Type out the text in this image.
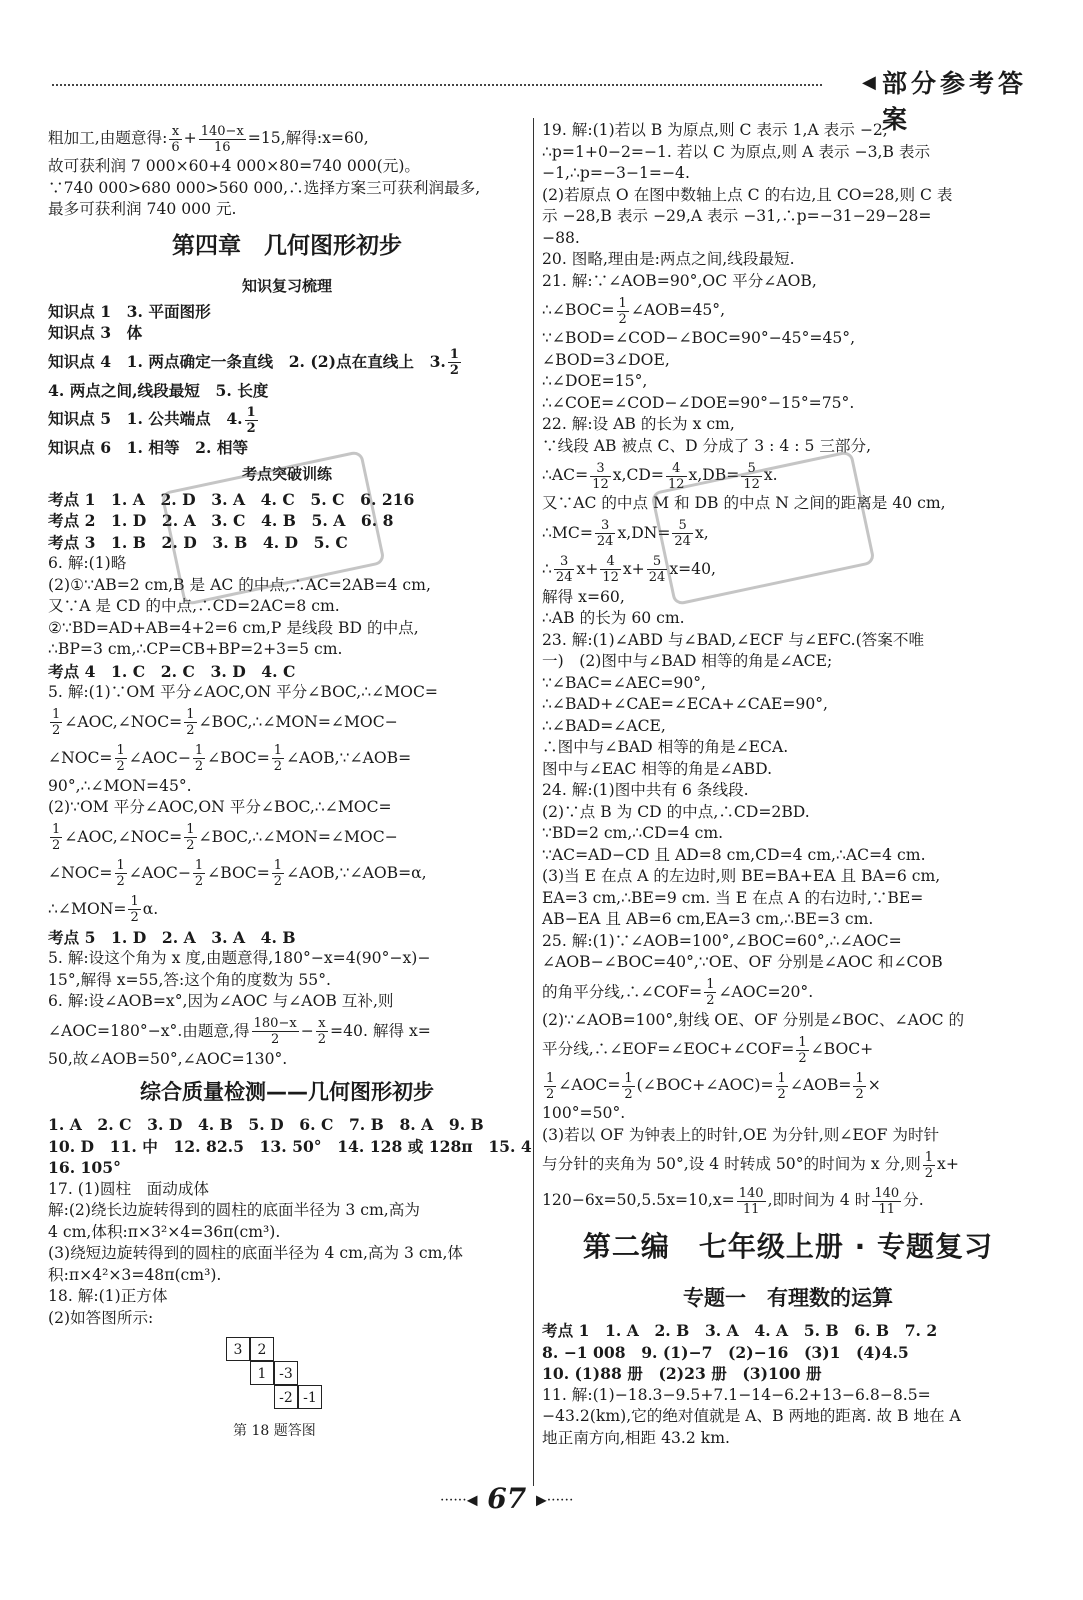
◀ 部分参考答案
粗加工,由题意得: $\frac{x}{6} + \frac{140-x}{16} =15$,解得:x=60,
故可获利润 7 000×60+4 000×80=740 000(元)。
∵740 000>680 000>560 000,∴选择方案三可获利润最多,
最多可获利润 740 000 元.
第四章　几何图形初步
知识复习梳理
知识点 1　3. 平面图形
知识点 3　体
知识点 4　1. 两点确定一条直线　2. (2)点在直线上　3. $\frac{1}{2}$
4. 两点之间,线段最短　5. 长度
知识点 5　1. 公共端点　4. $\frac{1}{2}$
知识点 6　1. 相等　2. 相等
考点突破训练
考点 1　1. A　2. D　3. A　4. C　5. C　6. 216
考点 2　1. D　2. A　3. C　4. B　5. A　6. 8
考点 3　1. B　2. D　3. B　4. D　5. C
6. 解:(1)略
(2)①∵AB=2 cm,B 是 AC 的中点,∴AC=2AB=4 cm,
又∵A 是 CD 的中点,∴CD=2AC=8 cm.
②∵BD=AD+AB=4+2=6 cm,P 是线段 BD 的中点,
∴BP=3 cm,∴CP=CB+BP=2+3=5 cm.
考点 4　1. C　2. C　3. D　4. C
5. 解:(1)∵OM 平分∠AOC,ON 平分∠BOC,∴∠MOC=
$\frac{1}{2}$ ∠AOC,∠NOC= $\frac{1}{2}$ ∠BOC,∴∠MON=∠MOC−
∠NOC= $\frac{1}{2}$ ∠AOC− $\frac{1}{2}$ ∠BOC= $\frac{1}{2}$ ∠AOB,∵∠AOB=
90°,∴∠MON=45°.
(2)∵OM 平分∠AOC,ON 平分∠BOC,∴∠MOC=
$\frac{1}{2}$ ∠AOC,∠NOC= $\frac{1}{2}$ ∠BOC,∴∠MON=∠MOC−
∠NOC= $\frac{1}{2}$ ∠AOC− $\frac{1}{2}$ ∠BOC= $\frac{1}{2}$ ∠AOB,∵∠AOB=α,
∴∠MON= $\frac{1}{2} \alpha$.
考点 5　1. D　2. A　3. A　4. B
5. 解:设这个角为 x 度,由题意得,180°−x=4(90°−x)−
15°,解得 x=55,答:这个角的度数为 55°.
6. 解:设∠AOB=x°,因为∠AOC 与∠AOB 互补,则
∠AOC=180°−x°.由题意,得 $\frac{180-x}{2} - \frac{x}{2} =40$. 解得 x=
50,故∠AOB=50°,∠AOC=130°.
综合质量检测——几何图形初步
1. A　2. C　3. D　4. B　5. D　6. C　7. B　8. A　9. B
10. D　11. 中　12. 82.5　13. 50°　14. 128 或 128π　15. 4
16. 105°
17. (1)圆柱　面动成体
解:(2)绕长边旋转得到的圆柱的底面半径为 3 cm,高为
4 cm,体积:π×3²×4=36π(cm³).
(3)绕短边旋转得到的圆柱的底面半径为 4 cm,高为 3 cm,体
积:π×4²×3=48π(cm³).
18. 解:(1)正方体
(2)如答图所示:
3	2
1 -3
-2 -1
第 18 题答图
19. 解:(1)若以 B 为原点,则 C 表示 1,A 表示 −2,
∴p=1+0−2=−1. 若以 C 为原点,则 A 表示 −3,B 表示
−1,∴p=−3−1=−4.
(2)若原点 O 在图中数轴上点 C 的右边,且 CO=28,则 C 表
示 −28,B 表示 −29,A 表示 −31,∴p=−31−29−28=
−88.
20. 图略,理由是:两点之间,线段最短.
21. 解:∵∠AOB=90°,OC 平分∠AOB,
∴∠BOC= $\frac{1}{2}$ ∠AOB=45°,
∵∠BOD=∠COD−∠BOC=90°−45°=45°,
∠BOD=3∠DOE,
∴∠DOE=15°,
∴∠COE=∠COD−∠DOE=90°−15°=75°.
22. 解:设 AB 的长为 x cm,
∵线段 AB 被点 C、D 分成了 3 : 4 : 5 三部分,
∴AC= $\frac{3}{12} x,CD= \frac{4}{12} x,DB= \frac{5}{12} x$.
又∵AC 的中点 M 和 DB 的中点 N 之间的距离是 40 cm,
∴MC= $\frac{3}{24} x,DN= \frac{5}{24} x$,
∴ $\frac{3}{24} x+ \frac{4}{12} x+ \frac{5}{24} x=40$,
解得 x=60,
∴AB 的长为 60 cm.
23. 解:(1)∠ABD 与∠BAD,∠ECF 与∠EFC.(答案不唯
一)　(2)图中与∠BAD 相等的角是∠ACE;
∵∠BAC=∠AEC=90°,
∴∠BAD+∠CAE=∠ECA+∠CAE=90°,
∴∠BAD=∠ACE,
∴图中与∠BAD 相等的角是∠ECA.
图中与∠EAC 相等的角是∠ABD.
24. 解:(1)图中共有 6 条线段.
(2)∵点 B 为 CD 的中点,∴CD=2BD.
∵BD=2 cm,∴CD=4 cm.
∵AC=AD−CD 且 AD=8 cm,CD=4 cm,∴AC=4 cm.
(3)当 E 在点 A 的左边时,则 BE=BA+EA 且 BA=6 cm,
EA=3 cm,∴BE=9 cm. 当 E 在点 A 的右边时,∵BE=
AB−EA 且 AB=6 cm,EA=3 cm,∴BE=3 cm.
25. 解:(1)∵∠AOB=100°,∠BOC=60°,∴∠AOC=
∠AOB−∠BOC=40°,∵OE、OF 分别是∠AOC 和∠COB
的角平分线,∴∠COF= $\frac{1}{2}$ ∠AOC=20°.
(2)∵∠AOB=100°,射线 OE、OF 分别是∠BOC、∠AOC 的
平分线,∴∠EOF=∠EOC+∠COF= $\frac{1}{2}$ ∠BOC+
$\frac{1}{2}$ ∠AOC= $\frac{1}{2}$ (∠BOC+∠AOC)= $\frac{1}{2}$ ∠AOB= $\frac{1}{2}$ ×
100°=50°.
(3)若以 OF 为钟表上的时针,OE 为分针,则∠EOF 为时针
与分针的夹角为 50°,设 4 时转成 50°的时间为 x 分,则 $\frac{1}{2} x+$
$120-6x=50,5.5x=10,x= \frac{140}{11}$ ,即时间为 4 时 $\frac{140}{11}$ 分.
第二编　七年级上册 · 专题复习
专题一　有理数的运算
考点 1　1. A　2. B　3. A　4. A　5. B　6. B　7. 2
8. −1 008　9. (1)−7　(2)−16　(3)1　(4)4.5
10. (1)88 册　(2)23 册　(3)100 册
11. 解:(1)−18.3−9.5+7.1−14−6.2+13−6.8−8.5=
−43.2(km),它的绝对值就是 A、B 两地的距离. 故 B 地在 A
地正南方向,相距 43.2 km.
······◀ 67 ▶······
